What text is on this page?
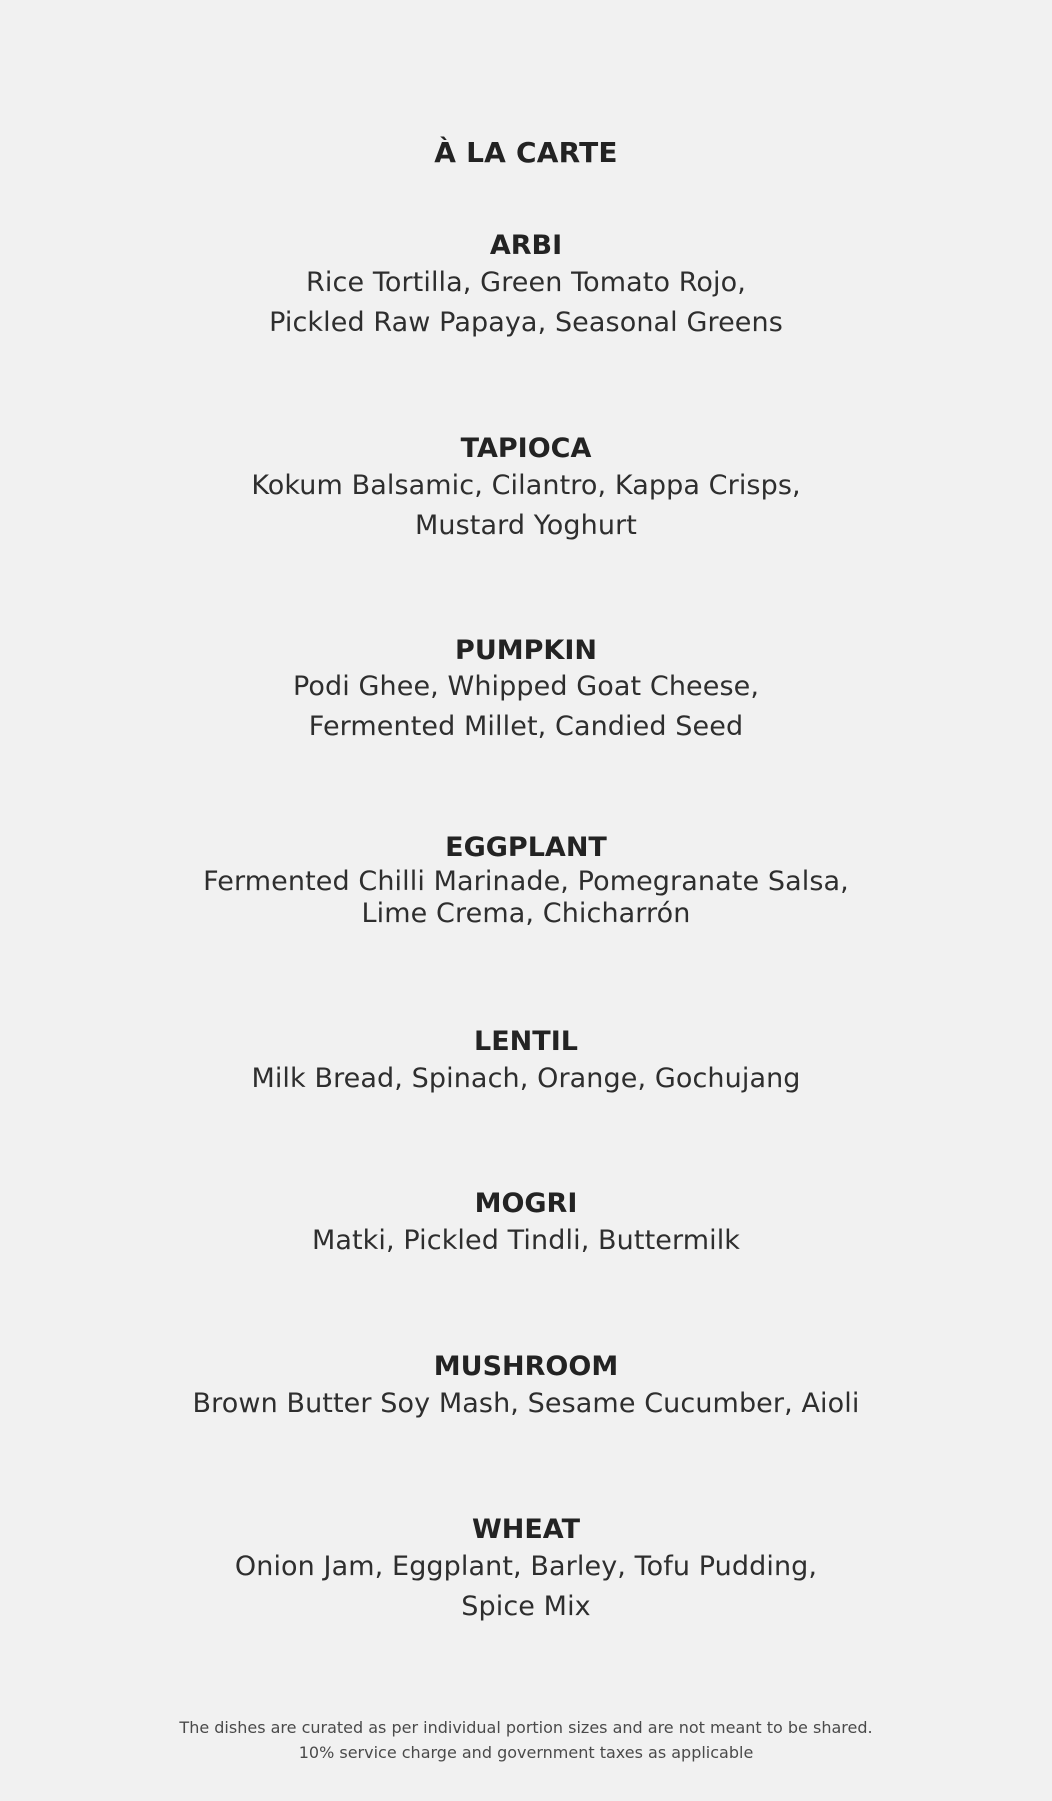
À LA CARTE
ARBI
Rice Tortilla, Green Tomato Rojo,
Pickled Raw Papaya, Seasonal Greens
TAPIOCA
Kokum Balsamic, Cilantro, Kappa Crisps,
Mustard Yoghurt
PUMPKIN
Podi Ghee, Whipped Goat Cheese,
Fermented Millet, Candied Seed
EGGPLANT
Fermented Chilli Marinade, Pomegranate Salsa,
Lime Crema, Chicharrón
LENTIL
Milk Bread, Spinach, Orange, Gochujang
MOGRI
Matki, Pickled Tindli, Buttermilk
MUSHROOM
Brown Butter Soy Mash, Sesame Cucumber, Aioli
WHEAT
Onion Jam, Eggplant, Barley, Tofu Pudding,
Spice Mix
The dishes are curated as per individual portion sizes and are not meant to be shared.
10% service charge and government taxes as applicable
